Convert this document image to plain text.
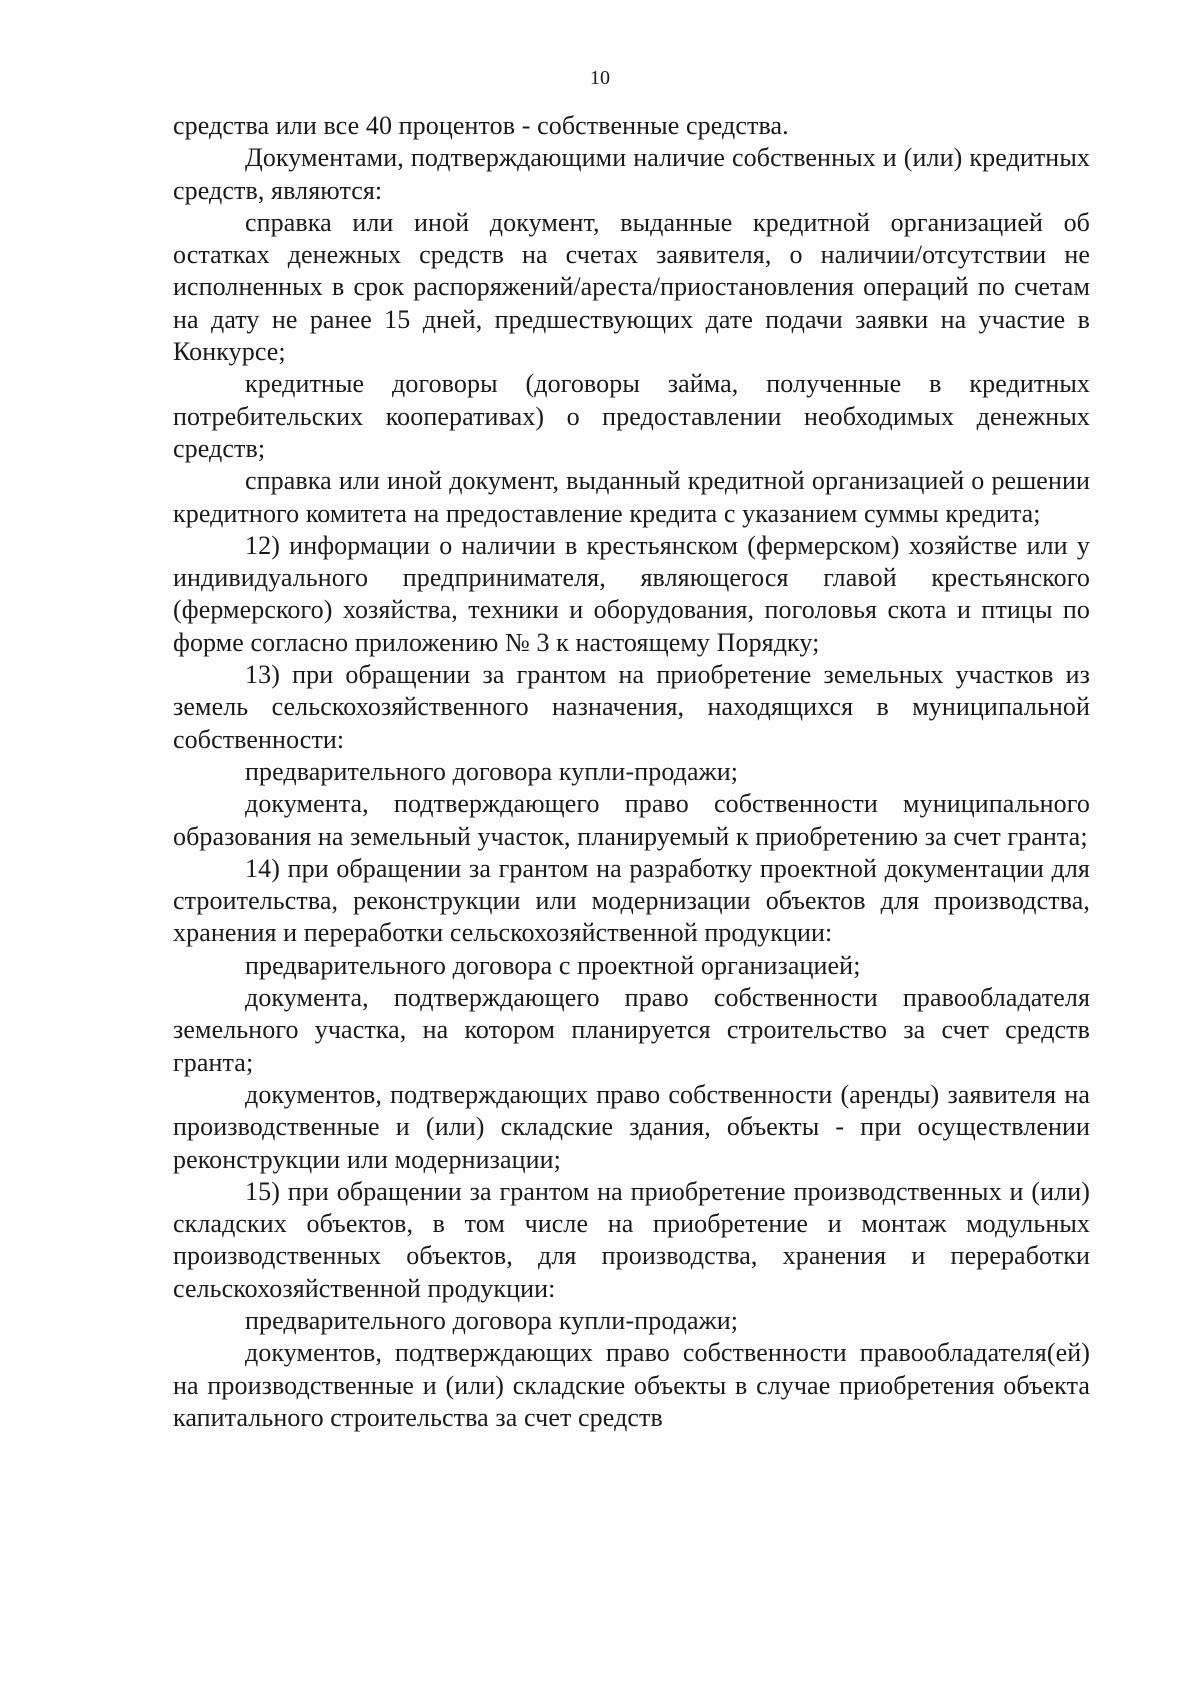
10

средства или все 40 процентов - собственные средства.

Документами, подтверждающими наличие собственных и (или) кредитных средств, являются:

справка или иной документ, выданные кредитной организацией об остатках денежных средств на счетах заявителя, о наличии/отсутствии не исполненных в срок распоряжений/ареста/приостановления операций по счетам на дату не ранее 15 дней, предшествующих дате подачи заявки на участие в Конкурсе;

кредитные договоры (договоры займа, полученные в кредитных потребительских кооперативах) о предоставлении необходимых денежных средств;

справка или иной документ, выданный кредитной организацией о решении кредитного комитета на предоставление кредита с указанием суммы кредита;

12) информации о наличии в крестьянском (фермерском) хозяйстве или у индивидуального предпринимателя, являющегося главой крестьянского (фермерского) хозяйства, техники и оборудования, поголовья скота и птицы по форме согласно приложению № 3 к настоящему Порядку;

13) при обращении за грантом на приобретение земельных участков из земель сельскохозяйственного назначения, находящихся в муниципальной собственности:

предварительного договора купли-продажи;

документа, подтверждающего право собственности муниципального образования на земельный участок, планируемый к приобретению за счет гранта;

14) при обращении за грантом на разработку проектной документации для строительства, реконструкции или модернизации объектов для производства, хранения и переработки сельскохозяйственной продукции:

предварительного договора с проектной организацией;

документа, подтверждающего право собственности правообладателя земельного участка, на котором планируется строительство за счет средств гранта;

документов, подтверждающих право собственности (аренды) заявителя на производственные и (или) складские здания, объекты - при осуществлении реконструкции или модернизации;

15) при обращении за грантом на приобретение производственных и (или) складских объектов, в том числе на приобретение и монтаж модульных производственных объектов, для производства, хранения и переработки сельскохозяйственной продукции:

предварительного договора купли-продажи;

документов, подтверждающих право собственности правообладателя(ей) на производственные и (или) складские объекты в случае приобретения объекта капитального строительства за счет средств
